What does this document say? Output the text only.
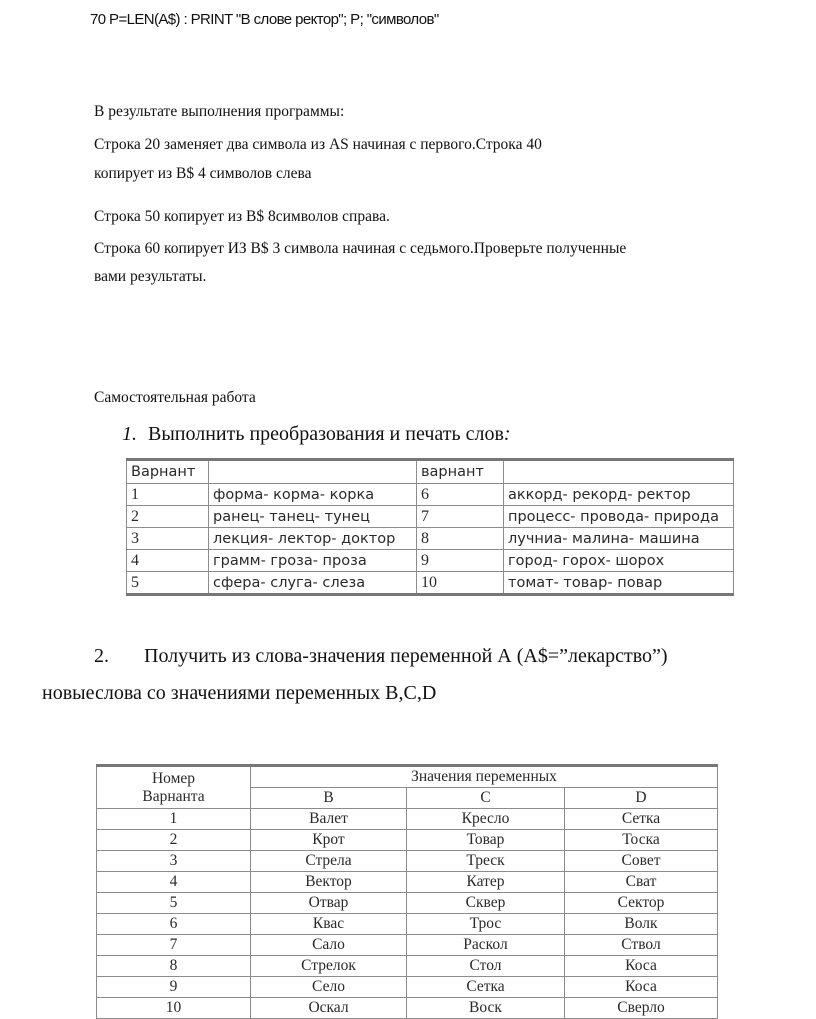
70 P=LEN(A$) : PRINT "В слове ректор"; P; "символов"
В результате выполнения программы:
Строка 20 заменяет два символа из АS начиная с первого.Строка 40
копирует из В$ 4 символов слева
Строка 50 копирует из В$ 8символов справа.
Строка 60 копирует ИЗ В$ 3 символа начиная с седьмого.Проверьте полученные
вами результаты.
Самостоятельная работа
1. Выполнить преобразования и печать слов:
Варнант		варнант	
1	форма- корма- корка	6	аккорд- рекорд- ректор
2	ранец- танец- тунец	7	процесс- провода- природа
3	лекция- лектор- доктор	8	лучниа- малина- машина
4	грамм- гроза- проза	9	город- горох- шорох
5	сфера- слуга- слеза	10	томат- товар- повар
2. Получить из слова-значения переменной А (А$=”лекарство”)
новыеслова со значениями переменных В,С,D
Номер
Варнанта	Значения переменных		
	B	C	D
1	Валет	Кресло	Сетка
2	Крот	Товар	Тоска
3	Стрела	Треск	Совет
4	Вектор	Катер	Сват
5	Отвар	Сквер	Сектор
6	Квас	Трос	Волк
7	Сало	Раскол	Ствол
8	Стрелок	Стол	Коса
9	Село	Сетка	Коса
10	Оскал	Воск	Сверло
